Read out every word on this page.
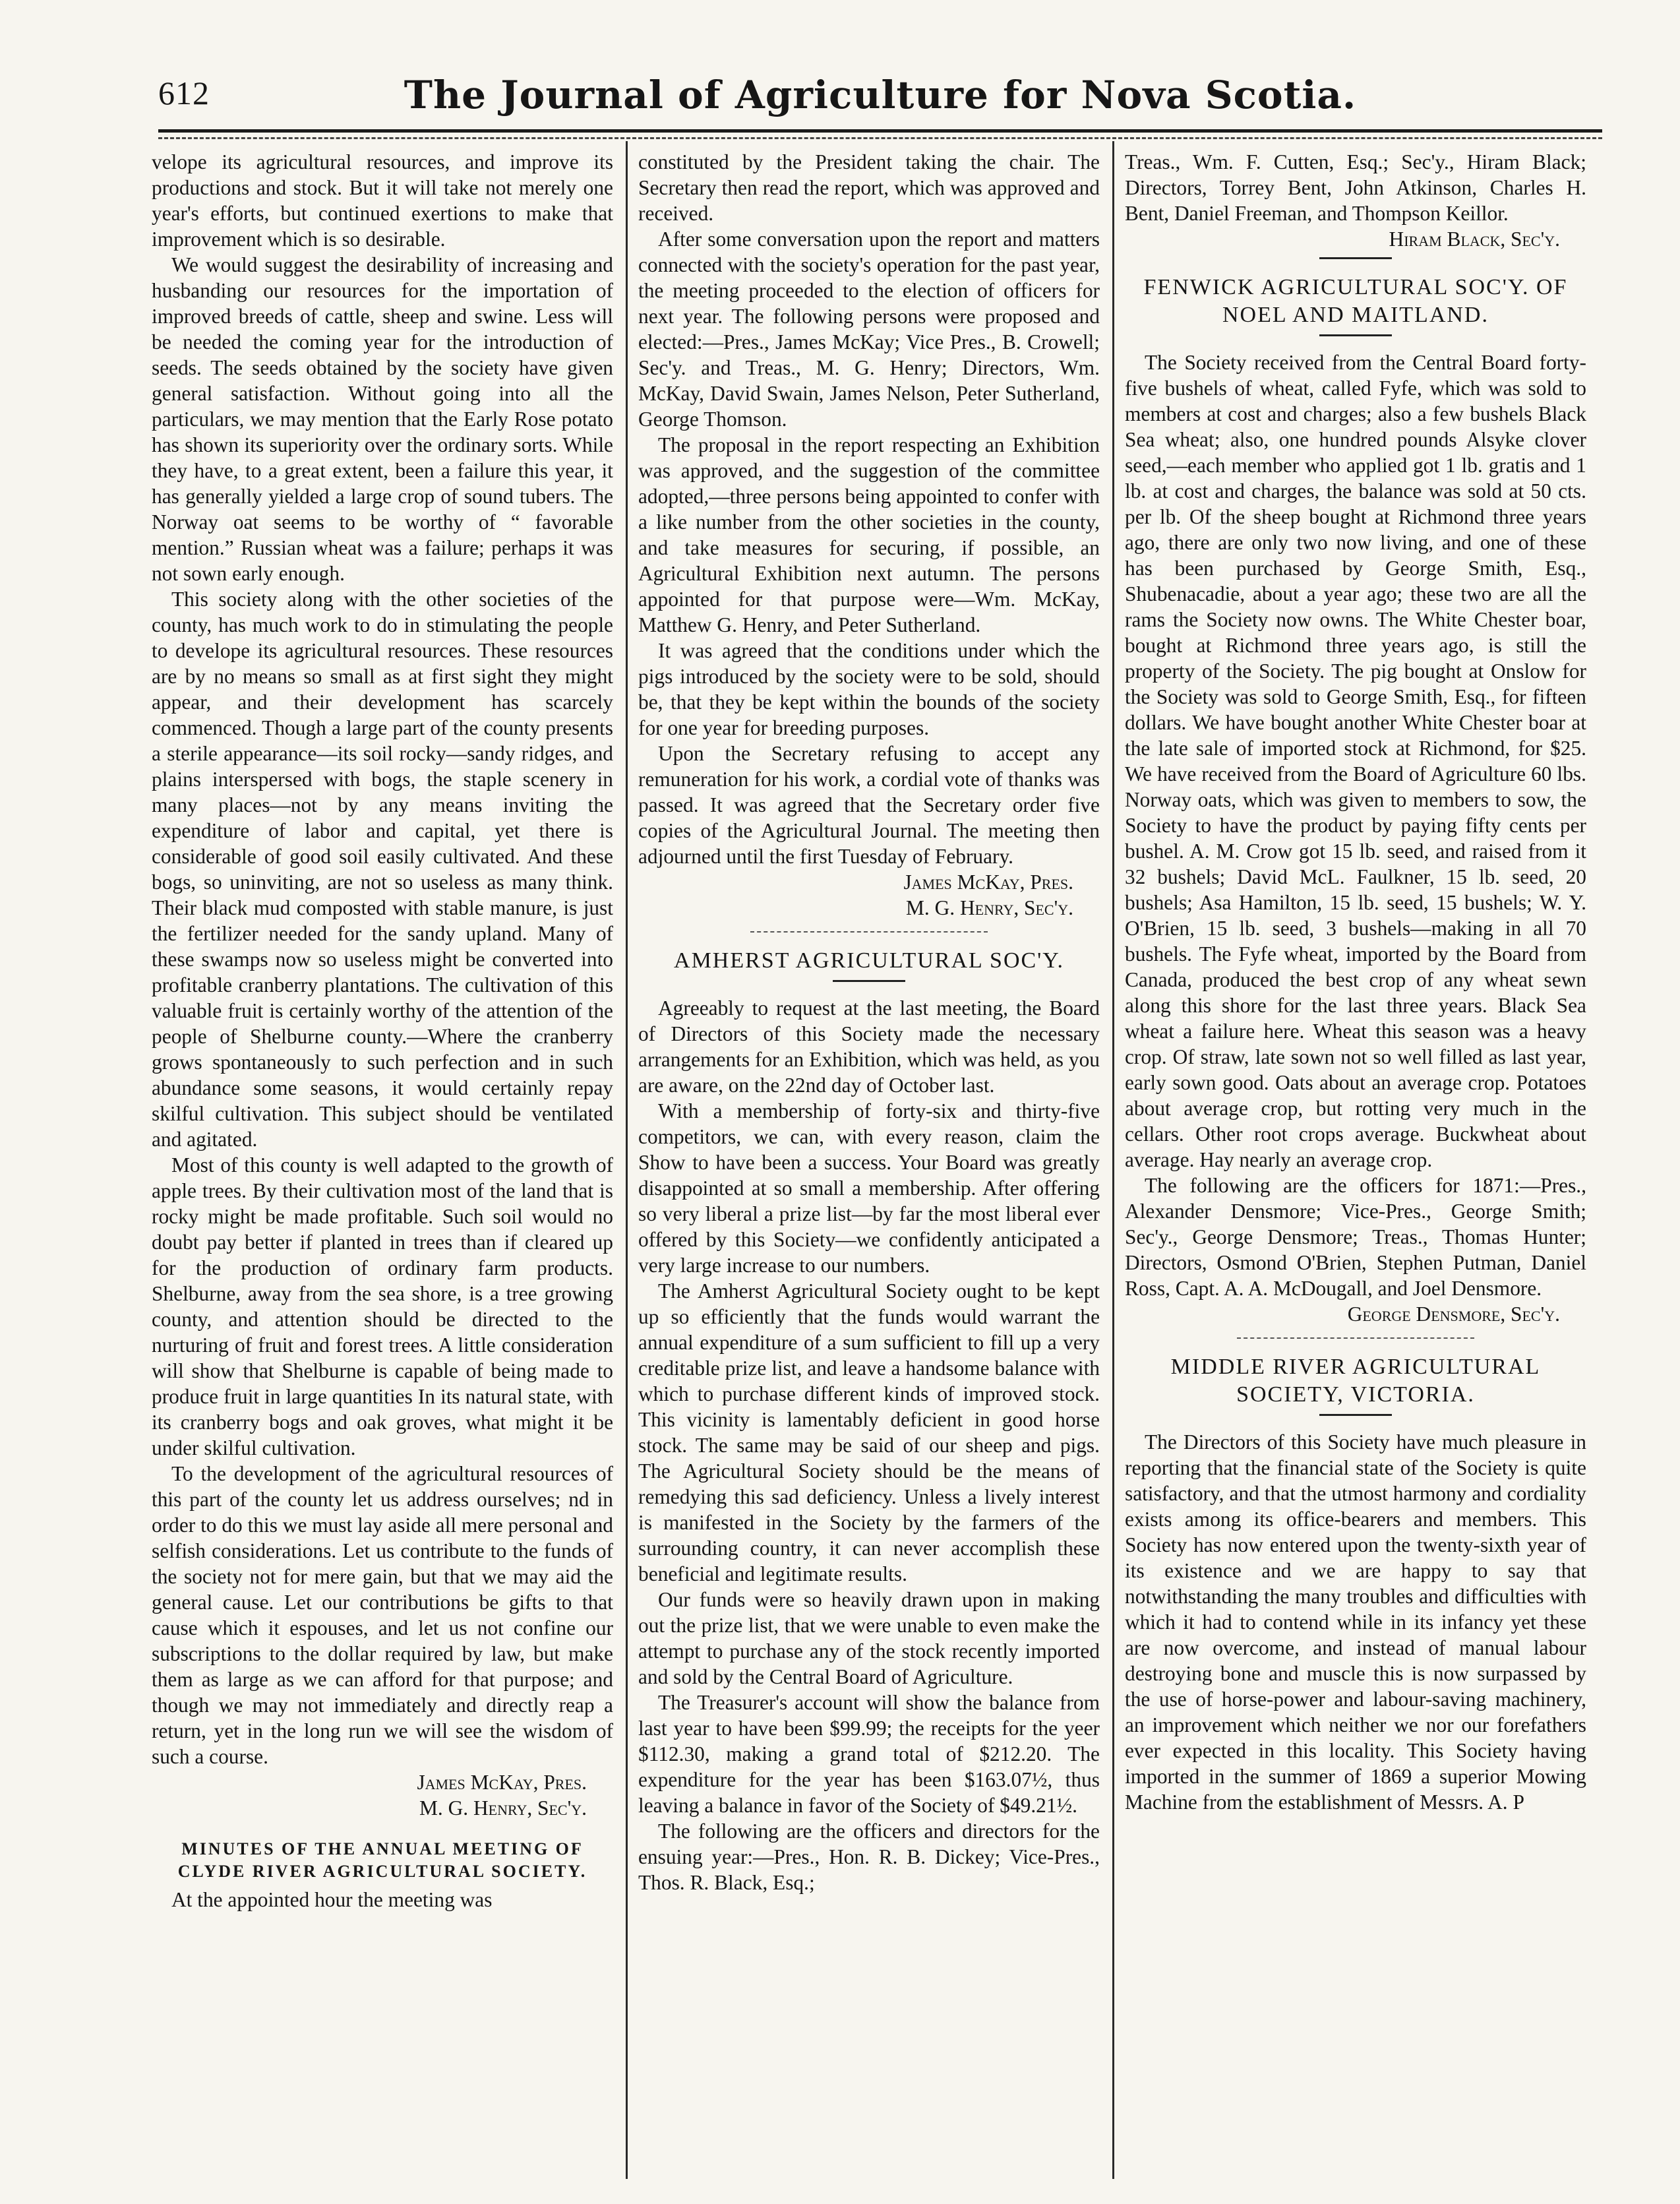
612	The Journal of Agriculture for Nova Scotia.

velope its agricultural resources, and improve its productions and stock. But it will take not merely one year's efforts, but continued exertions to make that improvement which is so desirable.

We would suggest the desirability of increasing and husbanding our resources for the importation of improved breeds of cattle, sheep and swine. Less will be needed the coming year for the introduction of seeds. The seeds obtained by the society have given general satisfaction. Without going into all the particulars, we may mention that the Early Rose potato has shown its superiority over the ordinary sorts. While they have, to a great extent, been a failure this year, it has generally yielded a large crop of sound tubers. The Norway oat seems to be worthy of “ favorable mention.” Russian wheat was a failure; perhaps it was not sown early enough.

This society along with the other societies of the county, has much work to do in stimulating the people to develope its agricultural resources. These resources are by no means so small as at first sight they might appear, and their development has scarcely commenced. Though a large part of the county presents a sterile appearance—its soil rocky—sandy ridges, and plains interspersed with bogs, the staple scenery in many places—not by any means inviting the expenditure of labor and capital, yet there is considerable of good soil easily cultivated. And these bogs, so uninviting, are not so useless as many think. Their black mud composted with stable manure, is just the fertilizer needed for the sandy upland. Many of these swamps now so useless might be converted into profitable cranberry plantations. The cultivation of this valuable fruit is certainly worthy of the attention of the people of Shelburne county.—Where the cranberry grows spontaneously to such perfection and in such abundance some seasons, it would certainly repay skilful cultivation. This subject should be ventilated and agitated.

Most of this county is well adapted to the growth of apple trees. By their cultivation most of the land that is rocky might be made profitable. Such soil would no doubt pay better if planted in trees than if cleared up for the production of ordinary farm products. Shelburne, away from the sea shore, is a tree growing county, and attention should be directed to the nurturing of fruit and forest trees. A little consideration will show that Shelburne is capable of being made to produce fruit in large quantities In its natural state, with its cranberry bogs and oak groves, what might it be under skilful cultivation.

To the development of the agricultural resources of this part of the county let us address ourselves; nd in order to do this we must lay aside all mere personal and selfish considerations. Let us contribute to the funds of the society not for mere gain, but that we may aid the general cause. Let our contributions be gifts to that cause which it espouses, and let us not confine our subscriptions to the dollar required by law, but make them as large as we can afford for that purpose; and though we may not immediately and directly reap a return, yet in the long run we will see the wisdom of such a course.

James McKay, Pres.
M. G. Henry, Sec'y.
MINUTES OF THE ANNUAL MEETING OF CLYDE RIVER AGRICULTURAL SOCIETY.

At the appointed hour the meeting was

constituted by the President taking the chair. The Secretary then read the report, which was approved and received.

After some conversation upon the report and matters connected with the society's operation for the past year, the meeting proceeded to the election of officers for next year. The following persons were proposed and elected:—Pres., James McKay; Vice Pres., B. Crowell; Sec'y. and Treas., M. G. Henry; Directors, Wm. McKay, David Swain, James Nelson, Peter Sutherland, George Thomson.

The proposal in the report respecting an Exhibition was approved, and the suggestion of the committee adopted,—three persons being appointed to confer with a like number from the other societies in the county, and take measures for securing, if possible, an Agricultural Exhibition next autumn. The persons appointed for that purpose were—Wm. McKay, Matthew G. Henry, and Peter Sutherland.

It was agreed that the conditions under which the pigs introduced by the society were to be sold, should be, that they be kept within the bounds of the society for one year for breeding purposes.

Upon the Secretary refusing to accept any remuneration for his work, a cordial vote of thanks was passed. It was agreed that the Secretary order five copies of the Agricultural Journal. The meeting then adjourned until the first Tuesday of February.

James McKay, Pres.
M. G. Henry, Sec'y.
AMHERST AGRICULTURAL SOC'Y.

Agreeably to request at the last meeting, the Board of Directors of this Society made the necessary arrangements for an Exhibition, which was held, as you are aware, on the 22nd day of October last.

With a membership of forty-six and thirty-five competitors, we can, with every reason, claim the Show to have been a success. Your Board was greatly disappointed at so small a membership. After offering so very liberal a prize list—by far the most liberal ever offered by this Society—we confidently anticipated a very large increase to our numbers.

The Amherst Agricultural Society ought to be kept up so efficiently that the funds would warrant the annual expenditure of a sum sufficient to fill up a very creditable prize list, and leave a handsome balance with which to purchase different kinds of improved stock. This vicinity is lamentably deficient in good horse stock. The same may be said of our sheep and pigs. The Agricultural Society should be the means of remedying this sad deficiency. Unless a lively interest is manifested in the Society by the farmers of the surrounding country, it can never accomplish these beneficial and legitimate results.

Our funds were so heavily drawn upon in making out the prize list, that we were unable to even make the attempt to purchase any of the stock recently imported and sold by the Central Board of Agriculture.

The Treasurer's account will show the balance from last year to have been $99.99; the receipts for the yeer $112.30, making a grand total of $212.20. The expenditure for the year has been $163.07½, thus leaving a balance in favor of the Society of $49.21½.

The following are the officers and directors for the ensuing year:—Pres., Hon. R. B. Dickey; Vice-Pres., Thos. R. Black, Esq.;

Treas., Wm. F. Cutten, Esq.; Sec'y., Hiram Black; Directors, Torrey Bent, John Atkinson, Charles H. Bent, Daniel Freeman, and Thompson Keillor.

Hiram Black, Sec'y.
FENWICK AGRICULTURAL SOC'Y. OF NOEL AND MAITLAND.

The Society received from the Central Board forty-five bushels of wheat, called Fyfe, which was sold to members at cost and charges; also a few bushels Black Sea wheat; also, one hundred pounds Alsyke clover seed,—each member who applied got 1 lb. gratis and 1 lb. at cost and charges, the balance was sold at 50 cts. per lb. Of the sheep bought at Richmond three years ago, there are only two now living, and one of these has been purchased by George Smith, Esq., Shubenacadie, about a year ago; these two are all the rams the Society now owns. The White Chester boar, bought at Richmond three years ago, is still the property of the Society. The pig bought at Onslow for the Society was sold to George Smith, Esq., for fifteen dollars. We have bought another White Chester boar at the late sale of imported stock at Richmond, for $25. We have received from the Board of Agriculture 60 lbs. Norway oats, which was given to members to sow, the Society to have the product by paying fifty cents per bushel. A. M. Crow got 15 lb. seed, and raised from it 32 bushels; David McL. Faulkner, 15 lb. seed, 20 bushels; Asa Hamilton, 15 lb. seed, 15 bushels; W. Y. O'Brien, 15 lb. seed, 3 bushels—making in all 70 bushels. The Fyfe wheat, imported by the Board from Canada, produced the best crop of any wheat sewn along this shore for the last three years. Black Sea wheat a failure here. Wheat this season was a heavy crop. Of straw, late sown not so well filled as last year, early sown good. Oats about an average crop. Potatoes about average crop, but rotting very much in the cellars. Other root crops average. Buckwheat about average. Hay nearly an average crop.

The following are the officers for 1871:—Pres., Alexander Densmore; Vice-Pres., George Smith; Sec'y., George Densmore; Treas., Thomas Hunter; Directors, Osmond O'Brien, Stephen Putman, Daniel Ross, Capt. A. A. McDougall, and Joel Densmore.

George Densmore, Sec'y.
MIDDLE RIVER AGRICULTURAL SOCIETY, VICTORIA.

The Directors of this Society have much pleasure in reporting that the financial state of the Society is quite satisfactory, and that the utmost harmony and cordiality exists among its office-bearers and members. This Society has now entered upon the twenty-sixth year of its existence and we are happy to say that notwithstanding the many troubles and difficulties with which it had to contend while in its infancy yet these are now overcome, and instead of manual labour destroying bone and muscle this is now surpassed by the use of horse-power and labour-saving machinery, an improvement which neither we nor our forefathers ever expected in this locality. This Society having imported in the summer of 1869 a superior Mowing Machine from the establishment of Messrs. A. P
